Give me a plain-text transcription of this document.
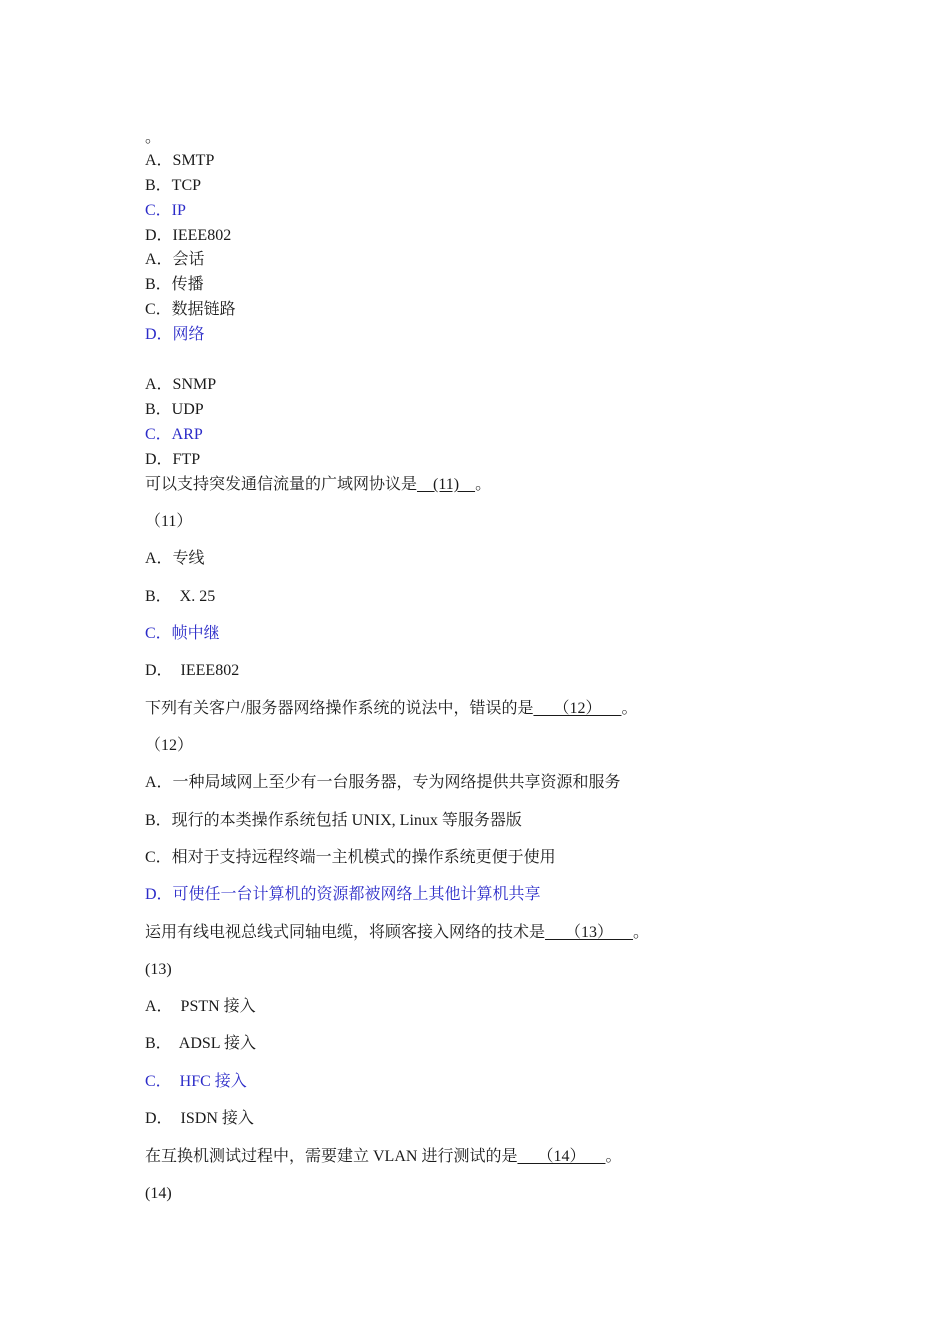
。
A．SMTP
B．TCP
C．IP
D．IEEE802
A．会话
B．传播
C．数据链路
D．网络
A．SNMP
B．UDP
C．ARP
D．FTP
可以支持突发通信流量的广域网协议是    (11)    。
（11）
A．专线
B．  X. 25
C．帧中继
D．  IEEE802
下列有关客户/服务器网络操作系统的说法中，错误的是     （12）     。
（12）
A．一种局域网上至少有一台服务器，专为网络提供共享资源和服务
B．现行的本类操作系统包括 UNIX, Linux 等服务器版
C．相对于支持远程终端一主机模式的操作系统更便于使用
D．可使任一台计算机的资源都被网络上其他计算机共享
运用有线电视总线式同轴电缆，将顾客接入网络的技术是     （13）     。
(13)
A．  PSTN 接入
B．  ADSL 接入
C．  HFC 接入
D．  ISDN 接入
在互换机测试过程中，需要建立 VLAN 进行测试的是     （14）     。
(14)
